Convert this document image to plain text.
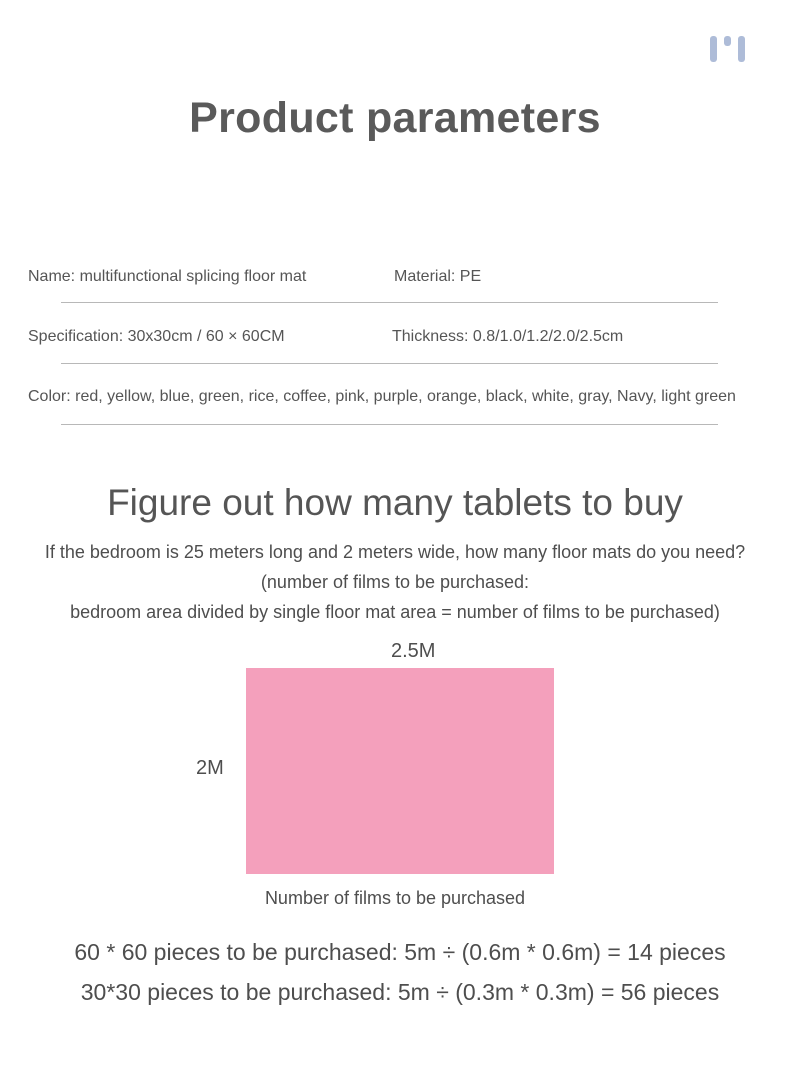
Product parameters
Name: multifunctional splicing floor mat	Material: PE
Specification: 30x30cm / 60 × 60CM	Thickness: 0.8/1.0/1.2/2.0/2.5cm
Color: red, yellow, blue, green, rice, coffee, pink, purple, orange, black, white, gray, Navy, light green
Figure out how many tablets to buy
If the bedroom is 25 meters long and 2 meters wide, how many floor mats do you need?
(number of films to be purchased:
bedroom area divided by single floor mat area = number of films to be purchased)
2.5M
2M
Number of films to be purchased
60 * 60 pieces to be purchased: 5m ÷ (0.6m * 0.6m) = 14 pieces
30*30 pieces to be purchased: 5m ÷ (0.3m * 0.3m) = 56 pieces
